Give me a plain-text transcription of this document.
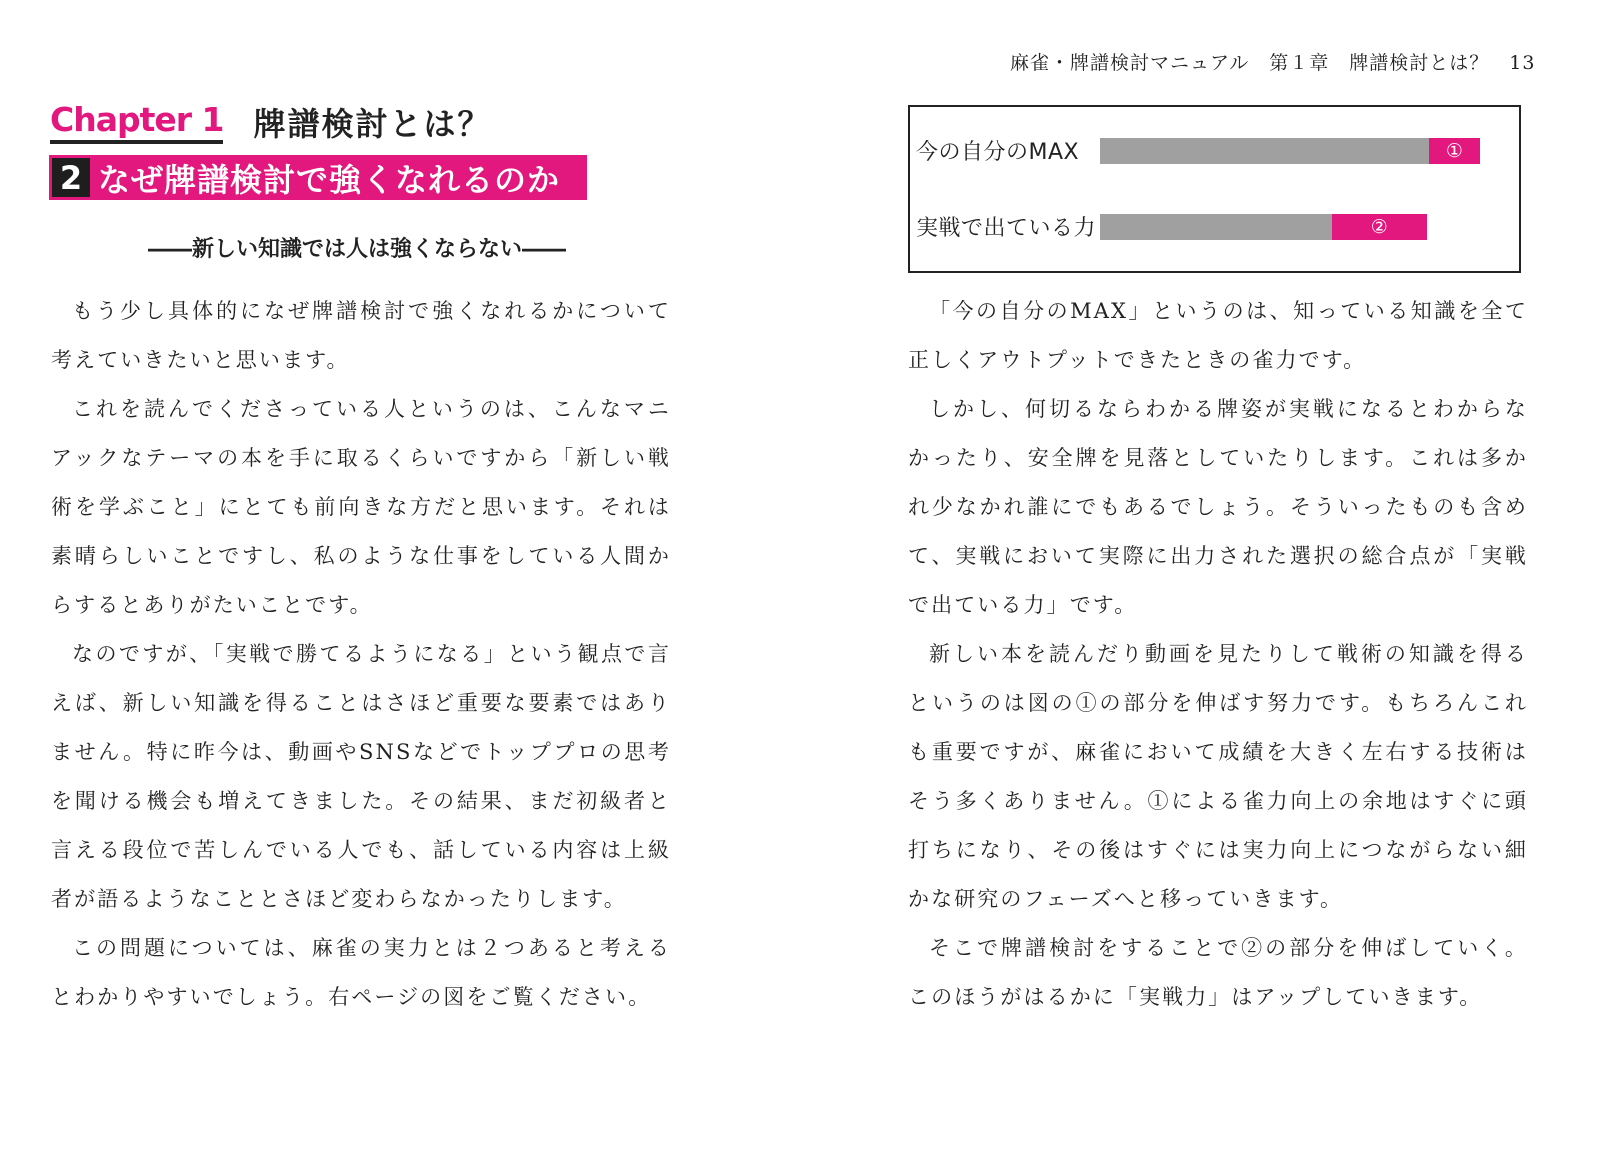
Chapter 1 牌譜検討とは？
2 なぜ牌譜検討で強くなれるのか
――新しい知識では人は強くならない――

もう少し具体的になぜ牌譜検討で強くなれるかについて考えていきたいと思います。

これを読んでくださっている人というのは、こんなマニアックなテーマの本を手に取るくらいですから「新しい戦術を学ぶこと」にとても前向きな方だと思います。それは素晴らしいことですし、私のような仕事をしている人間からするとありがたいことです。

なのですが、「実戦で勝てるようになる」という観点で言えば、新しい知識を得ることはさほど重要な要素ではありません。特に昨今は、動画やSNSなどでトッププロの思考を聞ける機会も増えてきました。その結果、まだ初級者と言える段位で苦しんでいる人でも、話している内容は上級者が語るようなこととさほど変わらなかったりします。

この問題については、麻雀の実力とは２つあると考えるとわかりやすいでしょう。右ページの図をご覧ください。

麻雀・牌譜検討マニュアル　第１章　牌譜検討とは？　13
今の自分のMAX	①
実戦で出ている力	②

「今の自分のMAX」というのは、知っている知識を全て正しくアウトプットできたときの雀力です。

しかし、何切るならわかる牌姿が実戦になるとわからなかったり、安全牌を見落としていたりします。これは多かれ少なかれ誰にでもあるでしょう。そういったものも含めて、実戦において実際に出力された選択の総合点が「実戦で出ている力」です。

新しい本を読んだり動画を見たりして戦術の知識を得るというのは図の①の部分を伸ばす努力です。もちろんこれも重要ですが、麻雀において成績を大きく左右する技術はそう多くありません。①による雀力向上の余地はすぐに頭打ちになり、その後はすぐには実力向上につながらない細かな研究のフェーズへと移っていきます。

そこで牌譜検討をすることで②の部分を伸ばしていく。このほうがはるかに「実戦力」はアップしていきます。
